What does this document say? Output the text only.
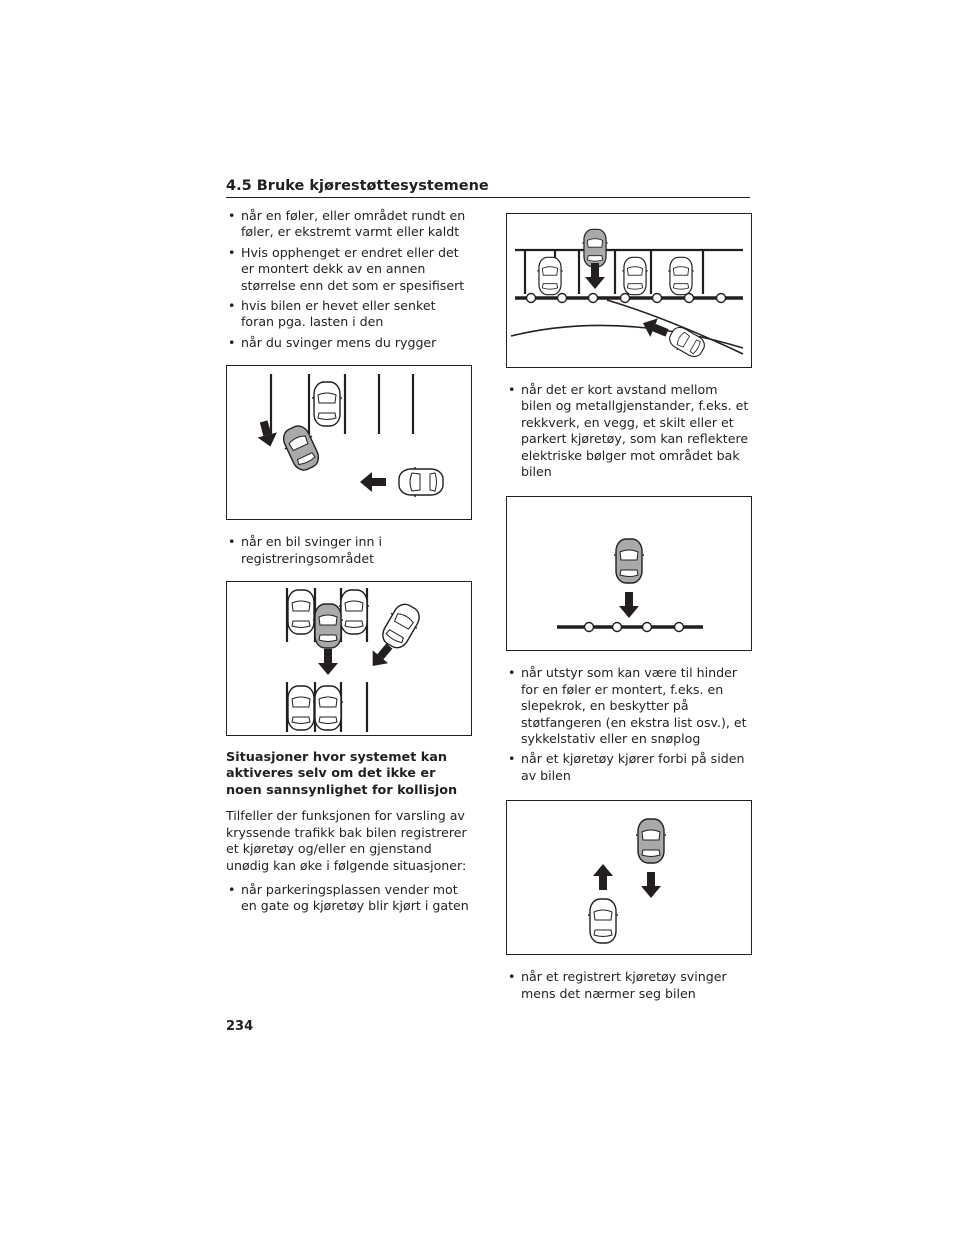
4.5 Bruke kjørestøttesystemene
• når en føler, eller området rundt en føler, er ekstremt varmt eller kaldt
• Hvis opphenget er endret eller det er montert dekk av en annen størrelse enn det som er spesifisert
• hvis bilen er hevet eller senket foran pga. lasten i den
• når du svinger mens du rygger
• når en bil svinger inn i registreringsområdet
Situasjoner hvor systemet kan aktiveres selv om det ikke er noen sannsynlighet for kollisjon
Tilfeller der funksjonen for varsling av kryssende trafikk bak bilen registrerer et kjøretøy og/eller en gjenstand unødig kan øke i følgende situasjoner:
• når parkeringsplassen vender mot en gate og kjøretøy blir kjørt i gaten
• når det er kort avstand mellom bilen og metallgjenstander, f.eks. et rekkverk, en vegg, et skilt eller et parkert kjøretøy, som kan reflektere elektriske bølger mot området bak bilen
• når utstyr som kan være til hinder for en føler er montert, f.eks. en slepekrok, en beskytter på støtfangeren (en ekstra list osv.), et sykkelstativ eller en snøplog
• når et kjøretøy kjører forbi på siden av bilen
• når et registrert kjøretøy svinger mens det nærmer seg bilen
234
